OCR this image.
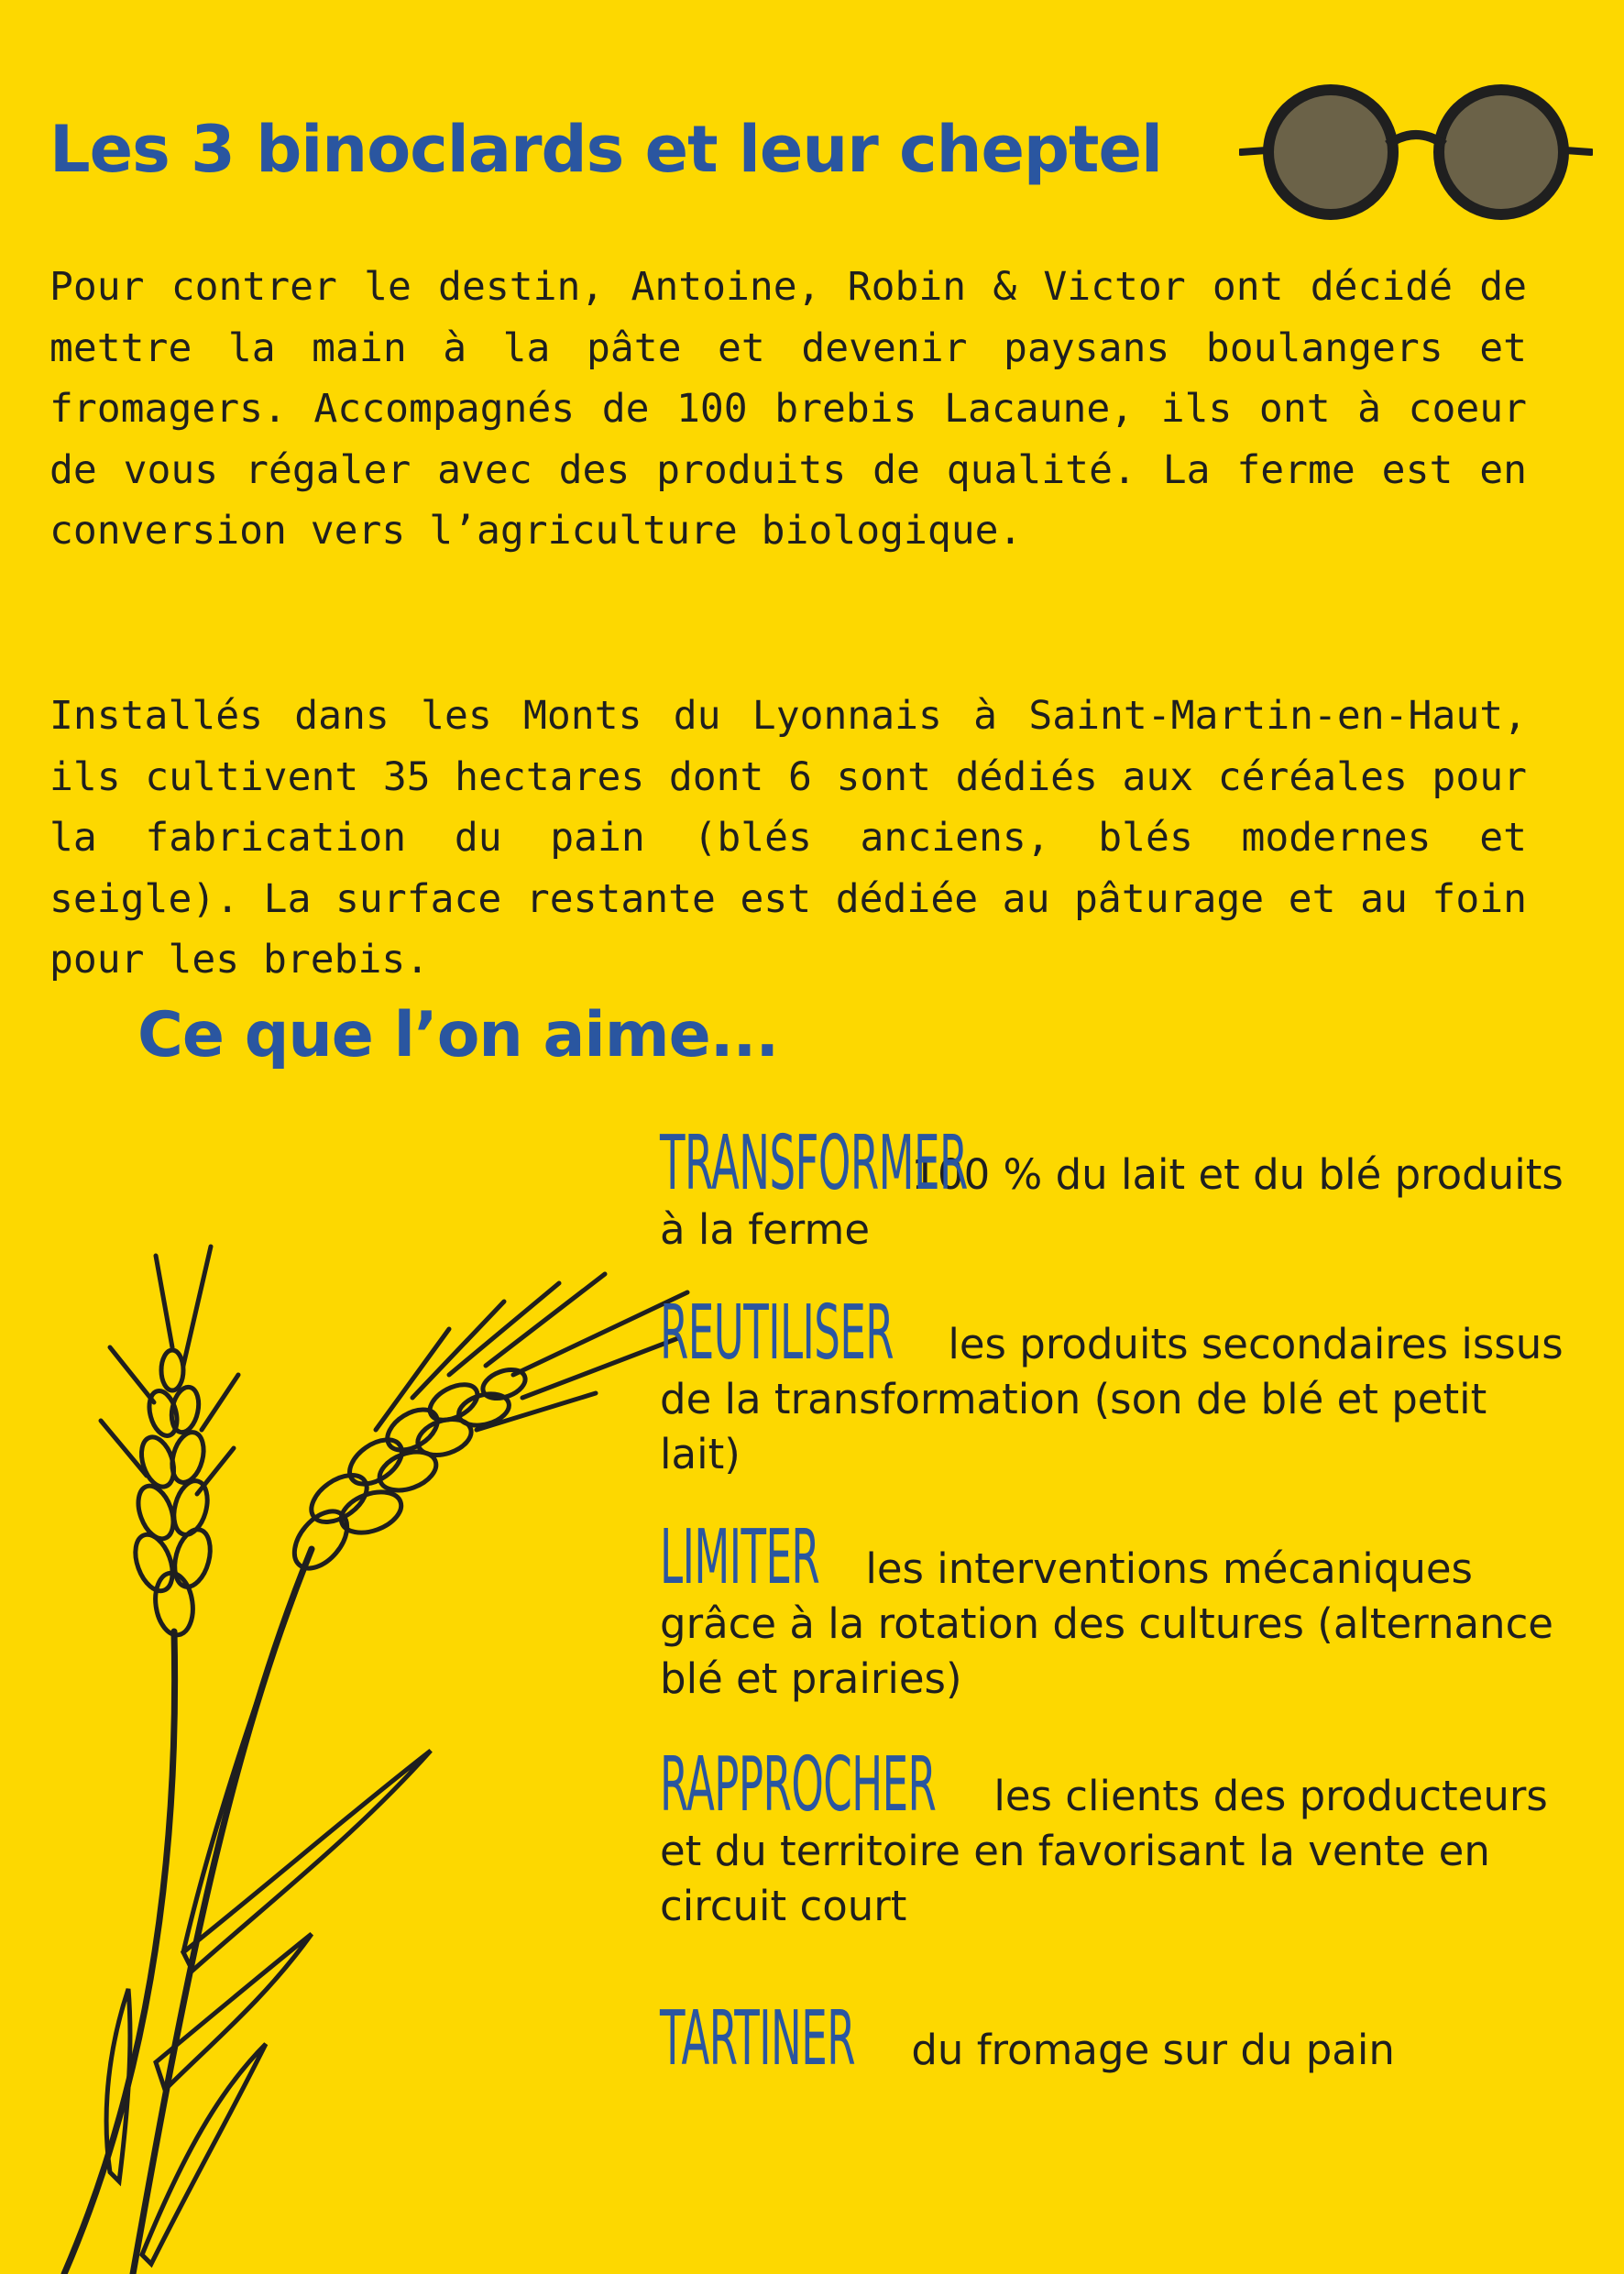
Les 3 binoclards et leur cheptel

Pour contrer le destin, Antoine, Robin & Victor ont décidé de mettre la main à la pâte et devenir paysans boulangers et fromagers. Accompagnés de 100 brebis Lacaune, ils ont à coeur de vous régaler avec des produits de qualité. La ferme est en conversion vers l’agriculture biologique.

Installés dans les Monts du Lyonnais à Saint-Martin-en-Haut, ils cultivent 35 hectares dont 6 sont dédiés aux céréales pour la fabrication du pain (blés anciens, blés modernes et seigle). La surface restante est dédiée au pâturage et au foin pour les brebis.

Ce que l’on aime...

TRANSFORMER 100 % du lait et du blé produits à la ferme

REUTILISER les produits secondaires issus de la transformation (son de blé et petit lait)

LIMITER les interventions mécaniques grâce à la rotation des cultures (alternance blé et prairies)

RAPPROCHER les clients des producteurs et du territoire en favorisant la vente en circuit court

TARTINER du fromage sur du pain
